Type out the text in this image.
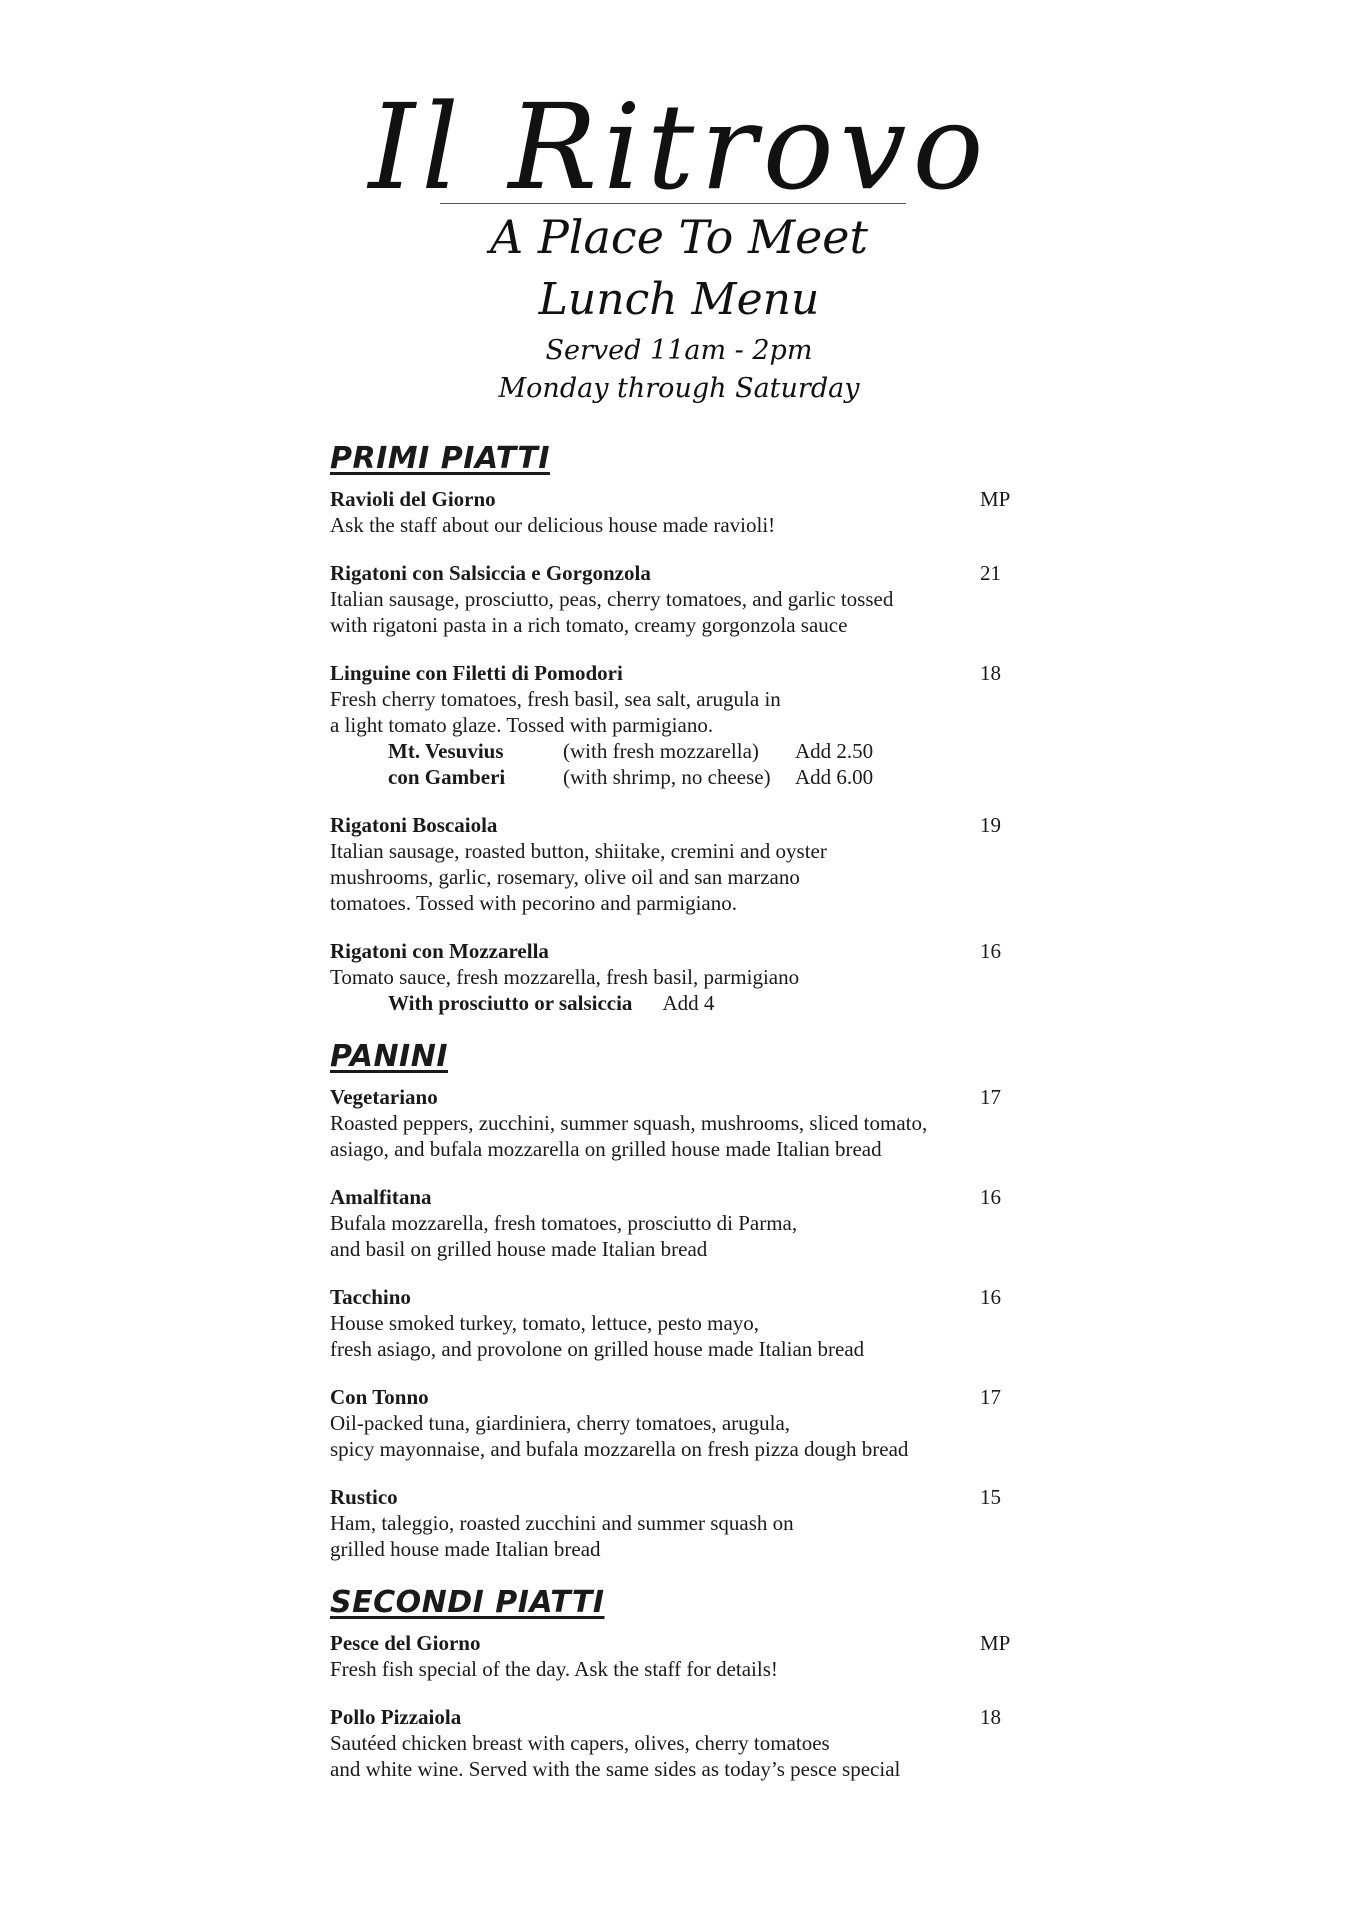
Il Ritrovo
A Place To Meet
Lunch Menu
Served 11am - 2pm
Monday through Saturday
PRIMI PIATTI
Ravioli del Giorno	MP
Ask the staff about our delicious house made ravioli!
Rigatoni con Salsiccia e Gorgonzola	21
Italian sausage, prosciutto, peas, cherry tomatoes, and garlic tossed
with rigatoni pasta in a rich tomato, creamy gorgonzola sauce
Linguine con Filetti di Pomodori	18
Fresh cherry tomatoes, fresh basil, sea salt, arugula in
a light tomato glaze. Tossed with parmigiano.
Mt. Vesuvius	(with fresh mozzarella)	Add 2.50
con Gamberi	(with shrimp, no cheese)	Add 6.00
Rigatoni Boscaiola	19
Italian sausage, roasted button, shiitake, cremini and oyster
mushrooms, garlic, rosemary, olive oil and san marzano
tomatoes. Tossed with pecorino and parmigiano.
Rigatoni con Mozzarella	16
Tomato sauce, fresh mozzarella, fresh basil, parmigiano
With prosciutto or salsiccia Add 4
PANINI
Vegetariano	17
Roasted peppers, zucchini, summer squash, mushrooms, sliced tomato,
asiago, and bufala mozzarella on grilled house made Italian bread
Amalfitana	16
Bufala mozzarella, fresh tomatoes, prosciutto di Parma,
and basil on grilled house made Italian bread
Tacchino	16
House smoked turkey, tomato, lettuce, pesto mayo,
fresh asiago, and provolone on grilled house made Italian bread
Con Tonno	17
Oil-packed tuna, giardiniera, cherry tomatoes, arugula,
spicy mayonnaise, and bufala mozzarella on fresh pizza dough bread
Rustico	15
Ham, taleggio, roasted zucchini and summer squash on
grilled house made Italian bread
SECONDI PIATTI
Pesce del Giorno	MP
Fresh fish special of the day. Ask the staff for details!
Pollo Pizzaiola	18
Sautéed chicken breast with capers, olives, cherry tomatoes
and white wine. Served with the same sides as today’s pesce special
